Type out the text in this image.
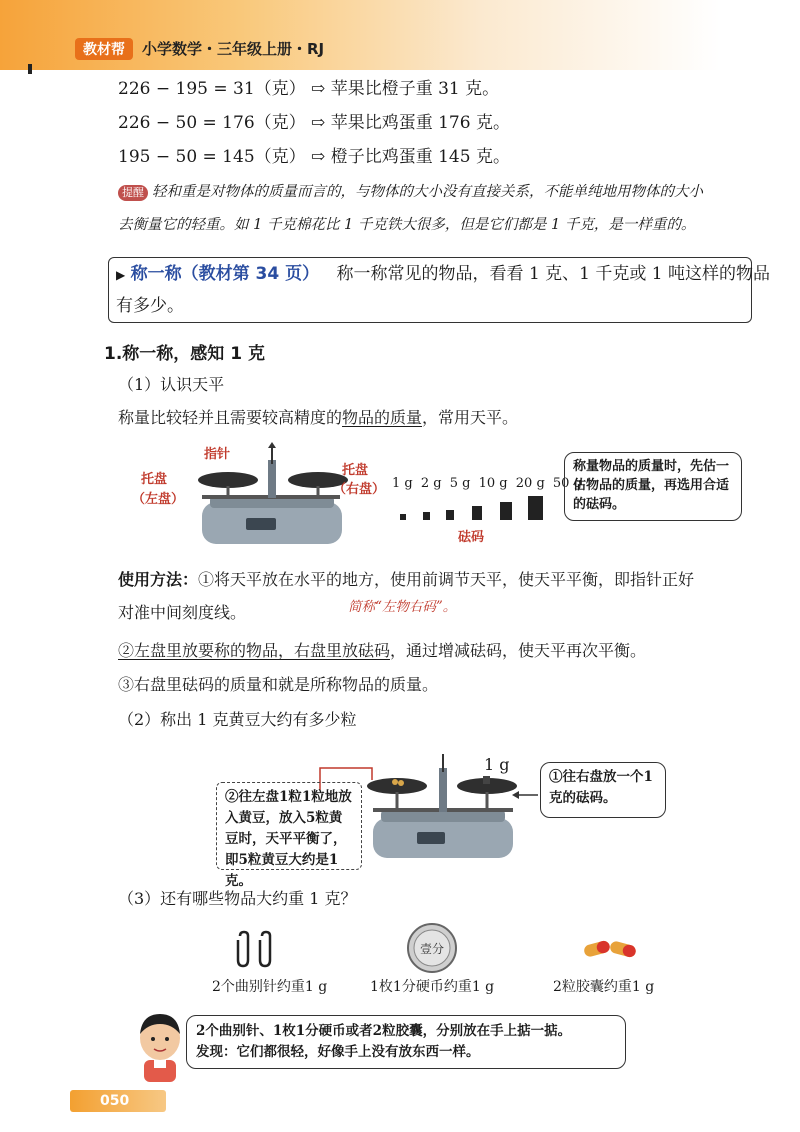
教材帮	小学数学・三年级上册・RJ
226 − 195 = 31（克） ⇨ 苹果比橙子重 31 克。
226 − 50 = 176（克） ⇨ 苹果比鸡蛋重 176 克。
195 − 50 = 145（克） ⇨ 橙子比鸡蛋重 145 克。
提醒 轻和重是对物体的质量而言的，与物体的大小没有直接关系，不能单纯地用物体的大小
去衡量它的轻重。如 1 千克棉花比 1 千克铁大很多，但是它们都是 1 千克，是一样重的。
▶ 称一称（教材第 34 页） 称一称常见的物品，看看 1 克、1 千克或 1 吨这样的物品
有多少。
1.称一称，感知 1 克
（1）认识天平
称量比较轻并且需要较高精度的物品的质量，常用天平。
指针
托盘
（左盘）
托盘
（右盘） 1 g 2 g 5 g 10 g 20 g 50 g
砝码
称量物品的质量时，先估一估物品的质量，再选用合适的砝码。
使用方法：①将天平放在水平的地方，使用前调节天平，使天平平衡，即指针正好
对准中间刻度线。	简称“左物右码”。
②左盘里放要称的物品，右盘里放砝码，通过增减砝码，使天平再次平衡。
③右盘里砝码的质量和就是所称物品的质量。
（2）称出 1 克黄豆大约有多少粒
1 g
②往左盘1粒1粒地放入黄豆，放入5粒黄豆时，天平平衡了，即5粒黄豆大约是1克。
①往右盘放一个1克的砝码。
（3）还有哪些物品大约重 1 克？
壹分
2个曲别针约重1 g	1枚1分硬币约重1 g	2粒胶囊约重1 g
2个曲别针、1枚1分硬币或者2粒胶囊，分别放在手上掂一掂。
发现：它们都很轻，好像手上没有放东西一样。
050
